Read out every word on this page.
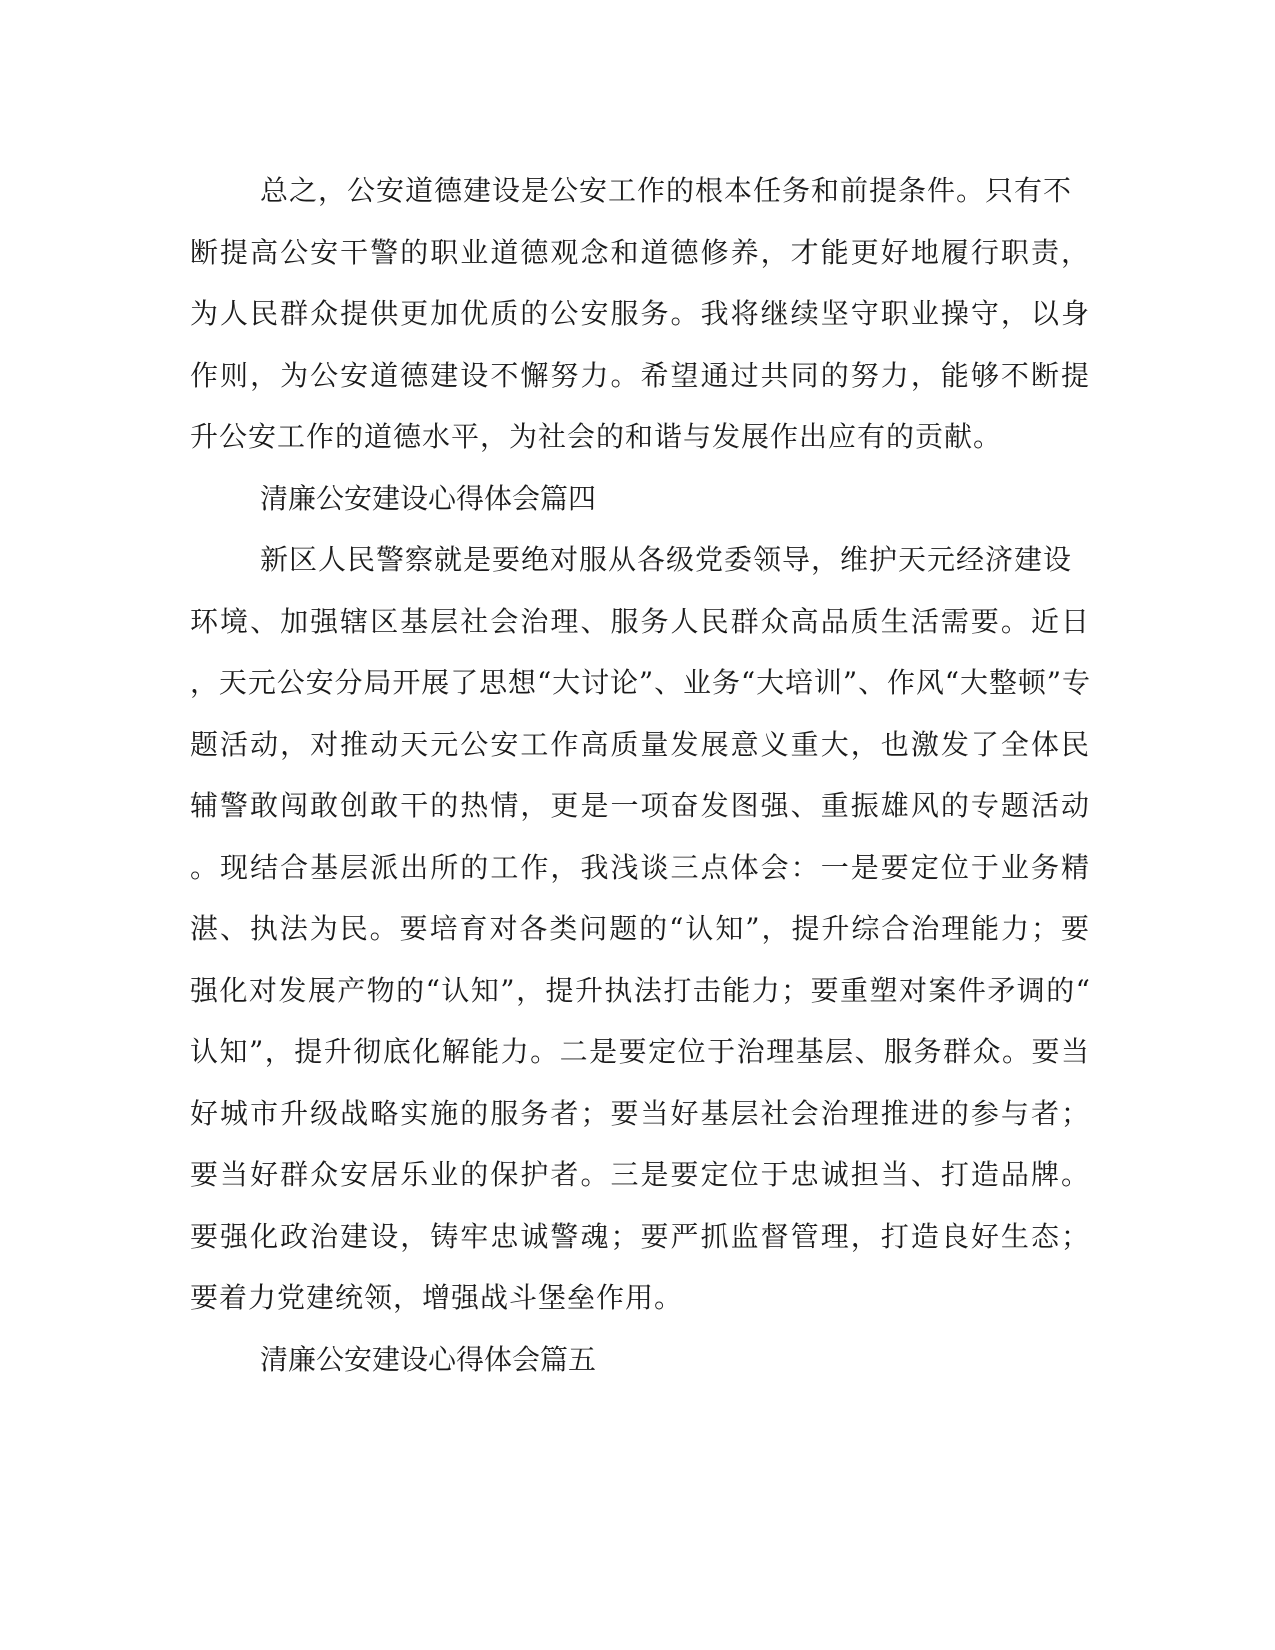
总之，公安道德建设是公安工作的根本任务和前提条件。只有不
断提高公安干警的职业道德观念和道德修养，才能更好地履行职责，
为人民群众提供更加优质的公安服务。我将继续坚守职业操守，以身
作则，为公安道德建设不懈努力。希望通过共同的努力，能够不断提
升公安工作的道德水平，为社会的和谐与发展作出应有的贡献。
清廉公安建设心得体会篇四
新区人民警察就是要绝对服从各级党委领导，维护天元经济建设
环境、加强辖区基层社会治理、服务人民群众高品质生活需要。近日
，天元公安分局开展了思想“大讨论”、业务“大培训”、作风“大整顿”专
题活动，对推动天元公安工作高质量发展意义重大，也激发了全体民
辅警敢闯敢创敢干的热情，更是一项奋发图强、重振雄风的专题活动
。现结合基层派出所的工作，我浅谈三点体会：一是要定位于业务精
湛、执法为民。要培育对各类问题的“认知”，提升综合治理能力；要
强化对发展产物的“认知”，提升执法打击能力；要重塑对案件矛调的“
认知”，提升彻底化解能力。二是要定位于治理基层、服务群众。要当
好城市升级战略实施的服务者；要当好基层社会治理推进的参与者；
要当好群众安居乐业的保护者。三是要定位于忠诚担当、打造品牌。
要强化政治建设，铸牢忠诚警魂；要严抓监督管理，打造良好生态；
要着力党建统领，增强战斗堡垒作用。
清廉公安建设心得体会篇五
